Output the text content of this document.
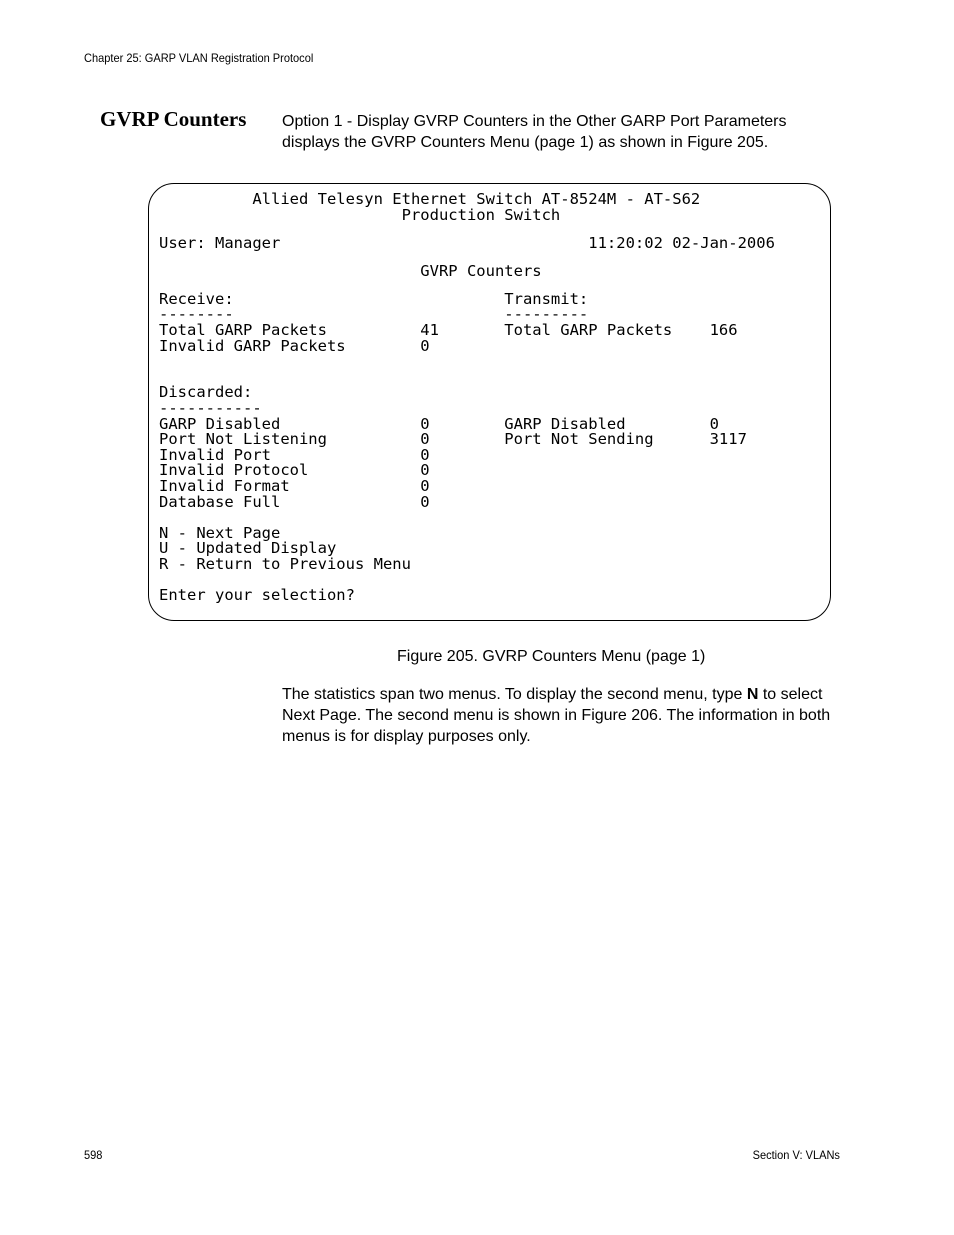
Chapter 25: GARP VLAN Registration Protocol
GVRP Counters Option 1 - Display GVRP Counters in the Other GARP Port Parameters displays the GVRP Counters Menu (page 1) as shown in Figure 205.
Allied Telesyn Ethernet Switch AT-8524M - AT-S62
Production Switch
User: Manager                                 11:20:02 02-Jan-2006
GVRP Counters
Receive:                             Transmit:
--------                             ---------
Total GARP Packets          41       Total GARP Packets    166
Invalid GARP Packets        0
Discarded:
-----------
GARP Disabled               0        GARP Disabled         0
Port Not Listening          0        Port Not Sending      3117
Invalid Port                0
Invalid Protocol            0
Invalid Format              0
Database Full               0
N - Next Page
U - Updated Display
R - Return to Previous Menu
Enter your selection?
Figure 205. GVRP Counters Menu (page 1)
The statistics span two menus. To display the second menu, type N to select Next Page. The second menu is shown in Figure 206. The information in both menus is for display purposes only.
598	Section V: VLANs
